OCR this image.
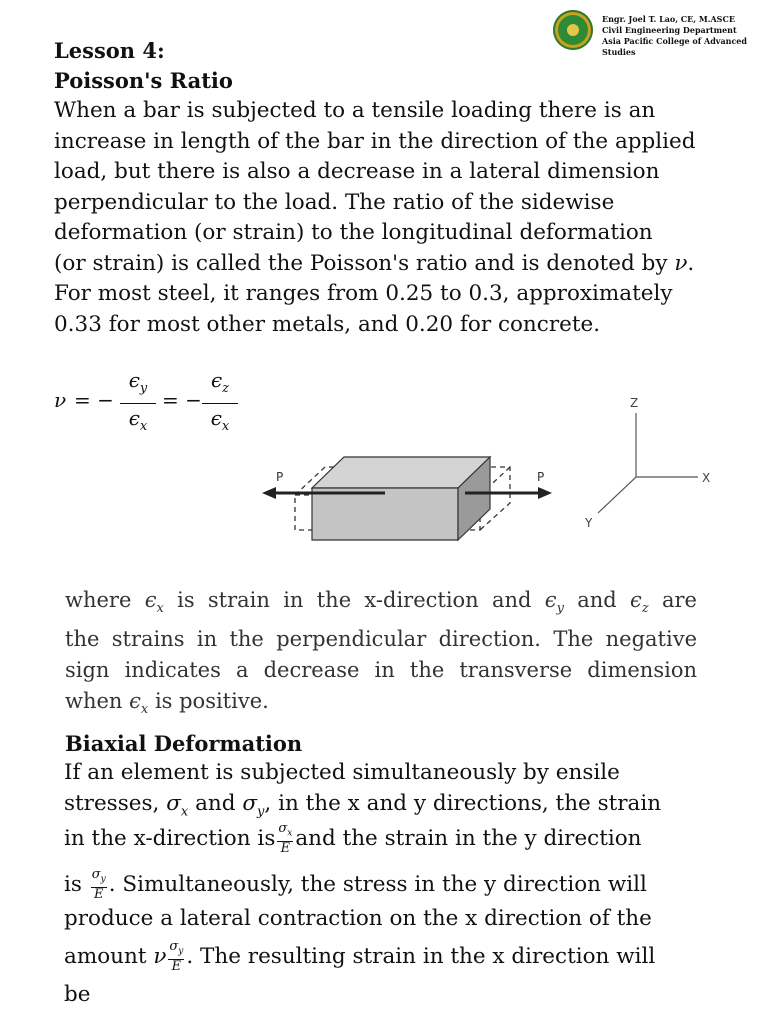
Engr. Joel T. Lao, CE, M.ASCE
Civil Engineering Department
Asia Pacific College of Advanced Studies
Lesson 4:
Poisson's Ratio
When a bar is subjected to a tensile loading there is an
increase in length of the bar in the direction of the applied
load, but there is also a decrease in a lateral dimension
perpendicular to the load. The ratio of the sidewise
deformation (or strain) to the longitudinal deformation
(or strain) is called the Poisson's ratio and is denoted by ν.
For most steel, it ranges from 0.25 to 0.3, approximately
0.33 for most other metals, and 0.20 for concrete.
ν = −
$\epsilon_y$
$\epsilon_x$
= −
$\epsilon_z$
$\epsilon_x$
P	P
Z
X
Y
where $\epsilon_x$ is strain in the x-direction and $\epsilon_y$ and $\epsilon_z$ are
the strains in the perpendicular direction. The negative
sign indicates a decrease in the transverse dimension
when $\epsilon_x$ is positive.
Biaxial Deformation
If an element is subjected simultaneously by ensile
stresses, $\sigma_x$ and $\sigma_y$, in the x and y directions, the strain
in the x-direction is $\frac{\sigma_x}{E}$ and the strain in the y direction
is $\frac{\sigma_y}{E}$ . Simultaneously, the stress in the y direction will
produce a lateral contraction on the x direction of the
amount ν $\frac{\sigma_y}{E}$ . The resulting strain in the x direction will
be
